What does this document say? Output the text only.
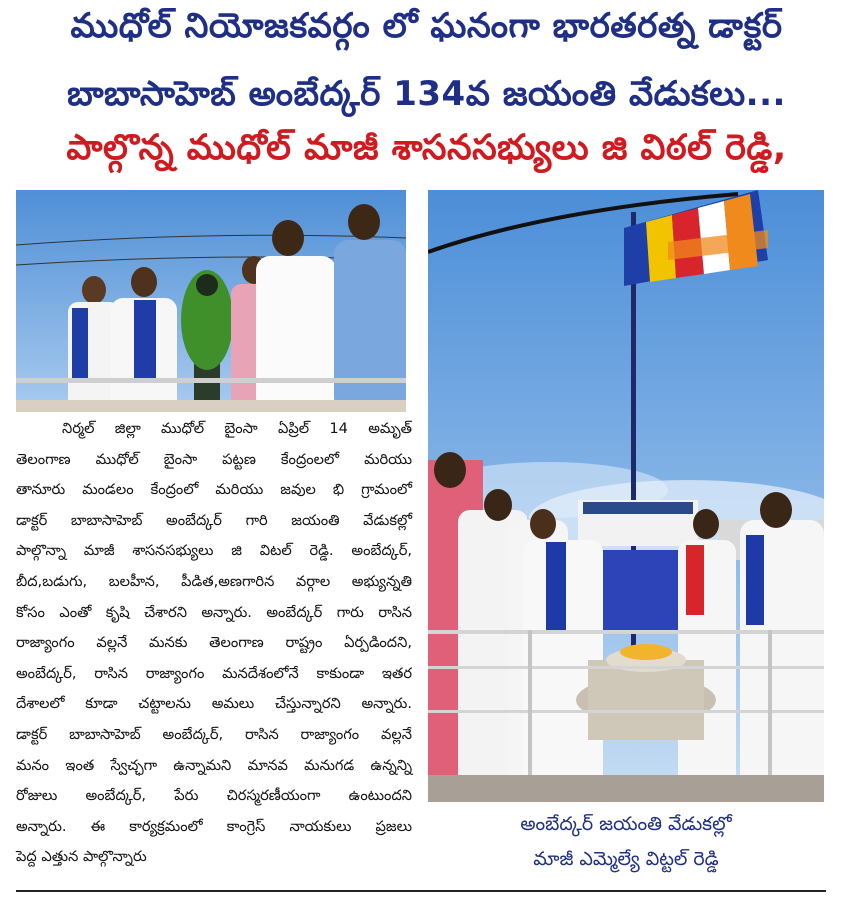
ముధోల్ నియోజకవర్గం లో ఘనంగా భారతరత్న డాక్టర్
బాబాసాహెబ్ అంబేద్కర్ 134వ జయంతి వేడుకలు...
పాల్గొన్న ముధోల్ మాజీ శాసనసభ్యులు జి విఠల్ రెడ్డి,

నిర్మల్ జిల్లా ముధోల్ బైంసా ఏప్రిల్ 14 అమృత్

తెలంగాణ ముధోల్ బైంసా పట్టణ కేంద్రంలలో మరియు

తానూరు మండలం కేంద్రంలో మరియు జవుల భి గ్రామంలో

డాక్టర్ బాబాసాహెబ్ అంబేద్కర్ గారి జయంతి వేడుకల్లో

పాల్గొన్నా మాజీ శాసనసభ్యులు జి విటల్ రెడ్డి. అంబేద్కర్,

బీద,బడుగు, బలహీన, పీడిత,అణగారిన వర్గాల అభ్యున్నతి

కోసం ఎంతో కృషి చేశారని అన్నారు. అంబేద్కర్ గారు రాసిన

రాజ్యాంగం వల్లనే మనకు తెలంగాణ రాష్ట్రం ఏర్పడిందని,

అంబేద్కర్, రాసిన రాజ్యాంగం మనదేశంలోనే కాకుండా ఇతర

దేశాలలో కూడా చట్టాలను అమలు చేస్తున్నారని అన్నారు.

డాక్టర్ బాబాసాహెబ్ అంబేద్కర్, రాసిన రాజ్యాంగం వల్లనే

మనం ఇంత స్వేచ్ఛగా ఉన్నామని మానవ మనుగడ ఉన్నన్ని

రోజులు అంబేద్కర్, పేరు చిరస్మరణీయంగా ఉంటుందని

అన్నారు. ఈ కార్యక్రమంలో కాంగ్రెస్ నాయకులు ప్రజలు

పెద్ద ఎత్తున పాల్గొన్నారు

అంబేద్కర్ జయంతి వేడుకల్లో
మాజీ ఎమ్మెల్యే విట్టల్ రెడ్డి
